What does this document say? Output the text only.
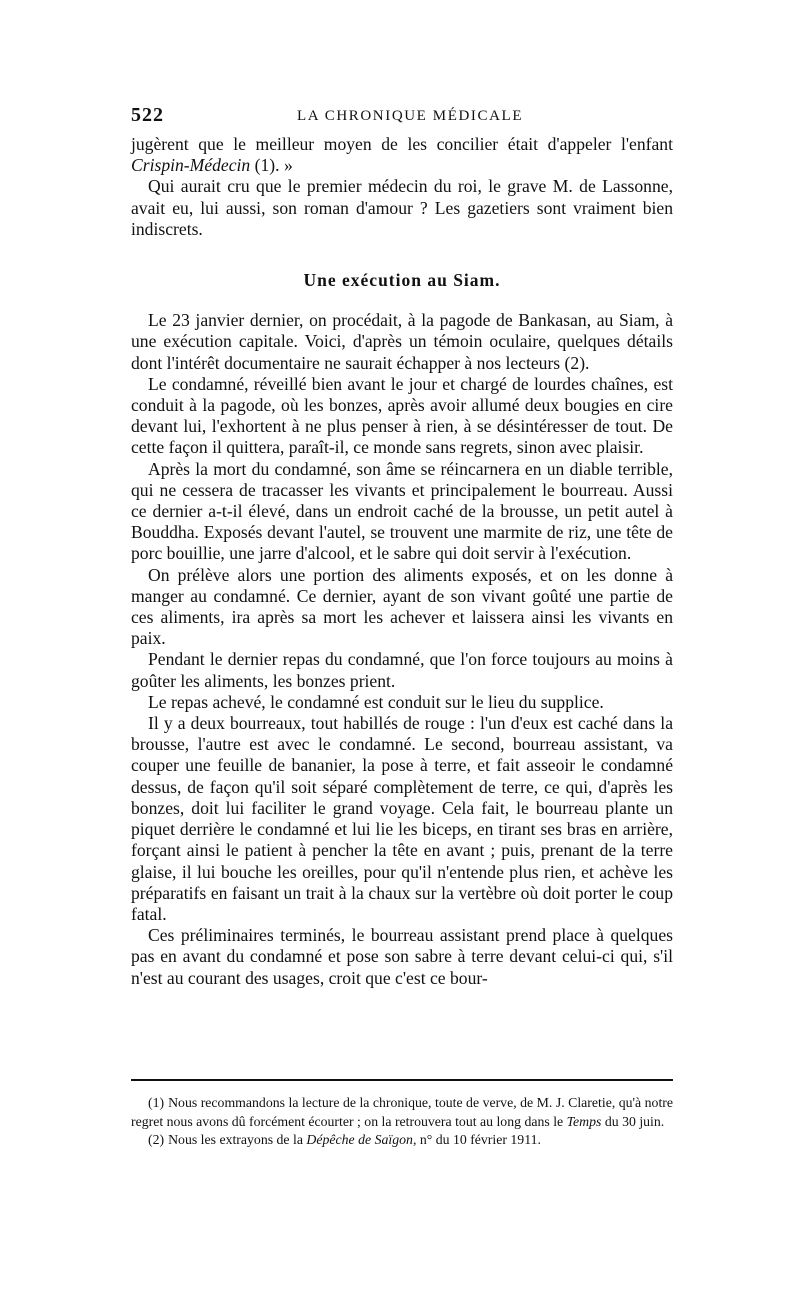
522	LA CHRONIQUE MÉDICALE

jugèrent que le meilleur moyen de les concilier était d'appeler l'enfant Crispin-Médecin (1). »

Qui aurait cru que le premier médecin du roi, le grave M. de Lassonne, avait eu, lui aussi, son roman d'amour ? Les gazetiers sont vraiment bien indiscrets.

Une exécution au Siam.

Le 23 janvier dernier, on procédait, à la pagode de Bankasan, au Siam, à une exécution capitale. Voici, d'après un témoin oculaire, quelques détails dont l'intérêt documentaire ne saurait échapper à nos lecteurs (2).

Le condamné, réveillé bien avant le jour et chargé de lourdes chaînes, est conduit à la pagode, où les bonzes, après avoir allumé deux bougies en cire devant lui, l'exhortent à ne plus penser à rien, à se désintéresser de tout. De cette façon il quittera, paraît-il, ce monde sans regrets, sinon avec plaisir.

Après la mort du condamné, son âme se réincarnera en un diable terrible, qui ne cessera de tracasser les vivants et principalement le bourreau. Aussi ce dernier a-t-il élevé, dans un endroit caché de la brousse, un petit autel à Bouddha. Exposés devant l'autel, se trouvent une marmite de riz, une tête de porc bouillie, une jarre d'alcool, et le sabre qui doit servir à l'exécution.

On prélève alors une portion des aliments exposés, et on les donne à manger au condamné. Ce dernier, ayant de son vivant goûté une partie de ces aliments, ira après sa mort les achever et laissera ainsi les vivants en paix.

Pendant le dernier repas du condamné, que l'on force toujours au moins à goûter les aliments, les bonzes prient.

Le repas achevé, le condamné est conduit sur le lieu du supplice.

Il y a deux bourreaux, tout habillés de rouge : l'un d'eux est caché dans la brousse, l'autre est avec le condamné. Le second, bourreau assistant, va couper une feuille de bananier, la pose à terre, et fait asseoir le condamné dessus, de façon qu'il soit séparé complètement de terre, ce qui, d'après les bonzes, doit lui faciliter le grand voyage. Cela fait, le bourreau plante un piquet derrière le condamné et lui lie les biceps, en tirant ses bras en arrière, forçant ainsi le patient à pencher la tête en avant ; puis, prenant de la terre glaise, il lui bouche les oreilles, pour qu'il n'entende plus rien, et achève les préparatifs en faisant un trait à la chaux sur la vertèbre où doit porter le coup fatal.

Ces préliminaires terminés, le bourreau assistant prend place à quelques pas en avant du condamné et pose son sabre à terre devant celui-ci qui, s'il n'est au courant des usages, croit que c'est ce bour-

(1) Nous recommandons la lecture de la chronique, toute de verve, de M. J. Claretie, qu'à notre regret nous avons dû forcément écourter ; on la retrouvera tout au long dans le Temps du 30 juin.

(2) Nous les extrayons de la Dépêche de Saïgon, n° du 10 février 1911.
